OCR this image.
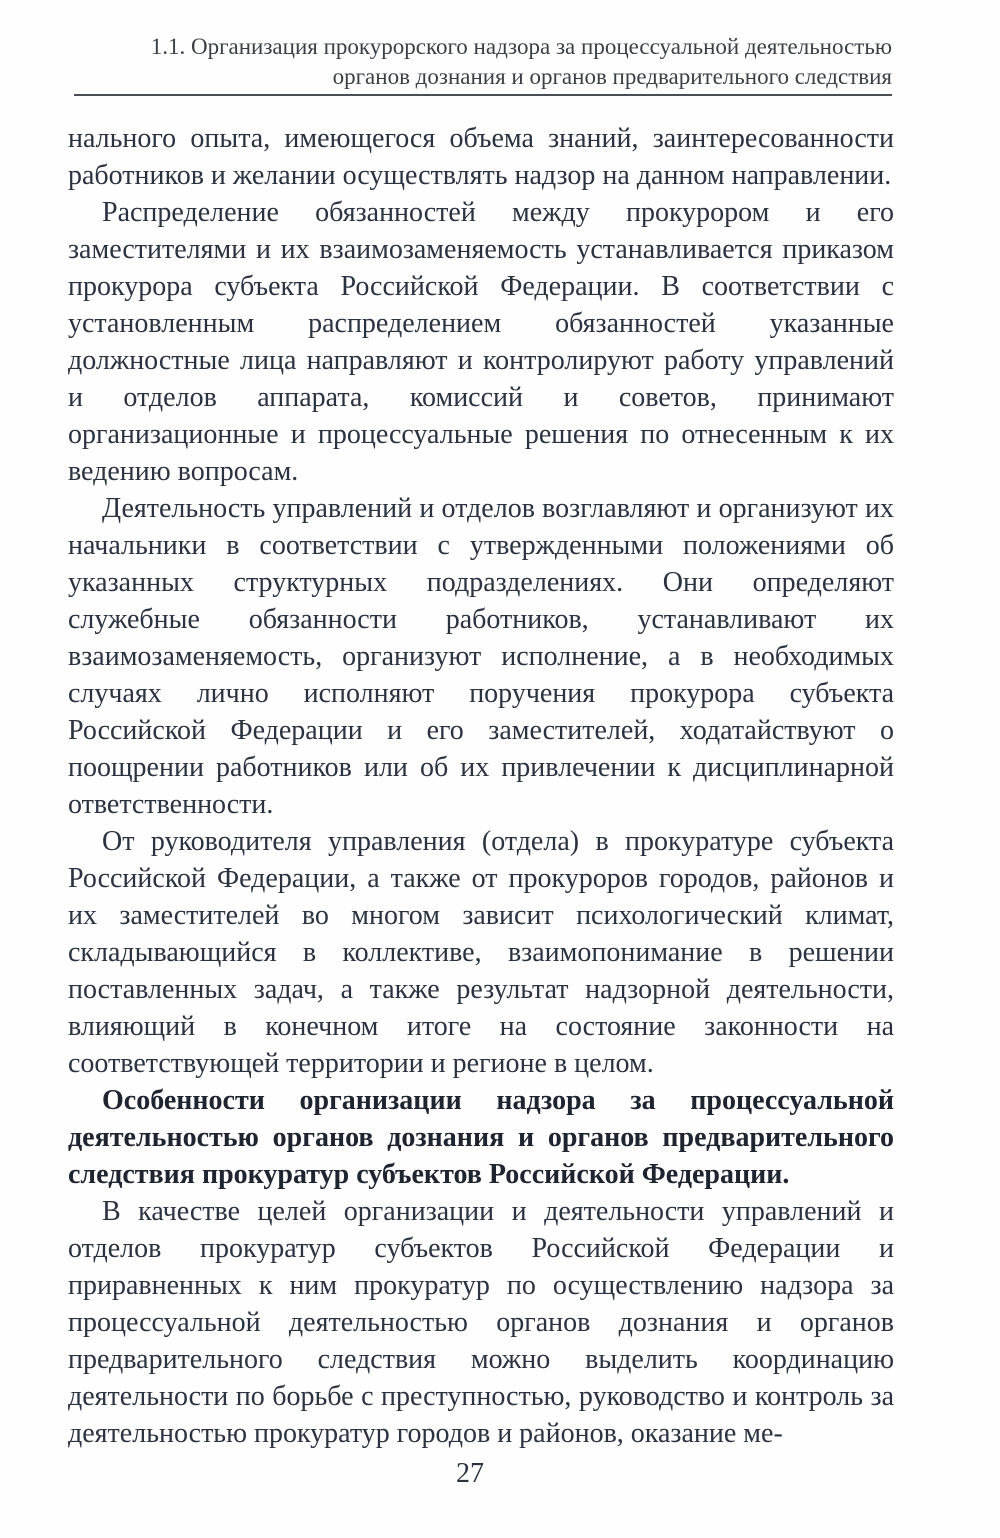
1.1. Организация прокурорского надзора за процессуальной деятельностью
органов дознания и органов предварительного следствия

нального опыта, имеющегося объема знаний, заинтересованности работников и желании осуществлять надзор на данном направлении.

Распределение обязанностей между прокурором и его заместителями и их взаимозаменяемость устанавливается приказом прокурора субъекта Российской Федерации. В соответствии с установленным распределением обязанностей указанные должностные лица направляют и контролируют работу управлений и отделов аппарата, комиссий и советов, принимают организационные и процессуальные решения по отнесенным к их ведению вопросам.

Деятельность управлений и отделов возглавляют и организуют их начальники в соответствии с утвержденными положениями об указанных структурных подразделениях. Они определяют служебные обязанности работников, устанавливают их взаимозаменяемость, организуют исполнение, а в необходимых случаях лично исполняют поручения прокурора субъекта Российской Федерации и его заместителей, ходатайствуют о поощрении работников или об их привлечении к дисциплинарной ответственности.

От руководителя управления (отдела) в прокуратуре субъекта Российской Федерации, а также от прокуроров городов, районов и их заместителей во многом зависит психологический климат, складывающийся в коллективе, взаимопонимание в решении поставленных задач, а также результат надзорной деятельности, влияющий в конечном итоге на состояние законности на соответствующей территории и регионе в целом.

Особенности организации надзора за процессуальной деятельностью органов дознания и органов предварительного следствия прокуратур субъектов Российской Федерации.

В качестве целей организации и деятельности управлений и отделов прокуратур субъектов Российской Федерации и приравненных к ним прокуратур по осуществлению надзора за процессуальной деятельностью органов дознания и органов предварительного следствия можно выделить координацию деятельности по борьбе с преступностью, руководство и контроль за деятельностью прокуратур городов и районов, оказание ме-

27
